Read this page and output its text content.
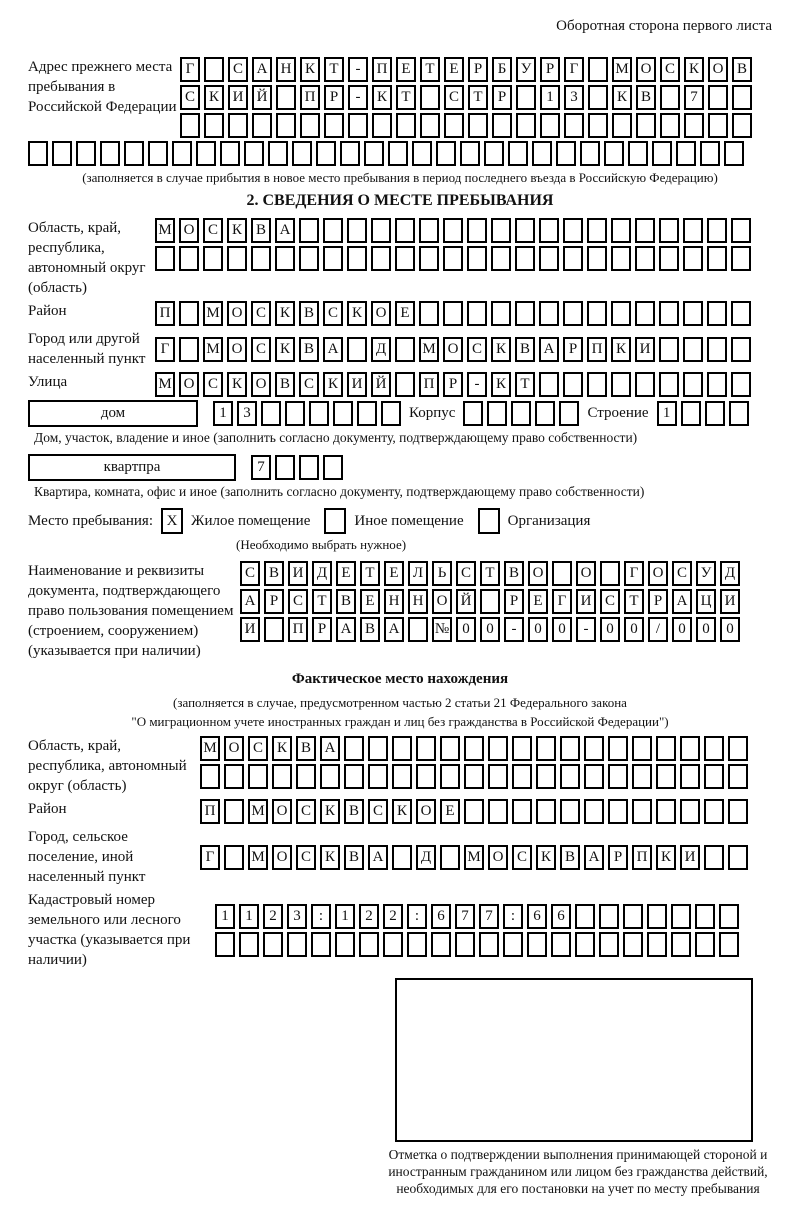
Оборотная сторона первого листа
Адрес прежнего места пребывания в Российской Федерации
Г	С А Н К Т	-	П Е Т Е	Р	Б У Р	Г	М О С К О В
С К И Й	П Р	-	К Т	С Т	Р	1	3	К В	7
(заполняется в случае прибытия в новое место пребывания в период последнего въезда в Российскую Федерацию)
2. СВЕДЕНИЯ О МЕСТЕ ПРЕБЫВАНИЯ
Область, край, республика, автономный округ (область)
М О С К В А
Район	П	М О С К В С К О Е
Город или другой населенный пункт
Г	М О С К В А	Д	М О С К В А Р П К И
Улица	М О С К О В С К И Й	П Р	-	К Т
дом	1	3	Корпус	Строение 1
Дом, участок, владение и иное (заполнить согласно документу, подтверждающему право собственности)
квартпра	7
Квартира, комната, офис и иное (заполнить согласно документу, подтверждающему право собственности)
Место пребывания: X Жилое помещение	Иное помещение	Организация
(Необходимо выбрать нужное)
Наименование и реквизиты документа, подтверждающего право пользования помещением (строением, сооружением) (указывается при наличии)
С В И Д Е Т Е Л Ь С Т В О	О	Г О С У Д
А Р С Т В Е Н Н О Й	Р	Е	Г И С Т	Р А Ц И
И	П Р А В А	№ 0	0	-	0	0	-	0	0	/	0	0	0
Фактическое место нахождения
(заполняется в случае, предусмотренном частью 2 статьи 21 Федерального закона
"О миграционном учете иностранных граждан и лиц без гражданства в Российской Федерации")
Область, край, республика, автономный округ (область)
М О С К В А
Район	П	М О С К В С К О Е
Город, сельское поселение, иной населенный пункт
Г	М О С К В А	Д	М О С К В А Р П К И
Кадастровый номер земельного или лесного участка (указывается при наличии)
1	1	2	3	:	1	2	2	:	6	7	7	:	6	6
Отметка о подтверждении выполнения принимающей стороной и иностранным гражданином или лицом без гражданства действий, необходимых для его постановки на учет по месту пребывания
